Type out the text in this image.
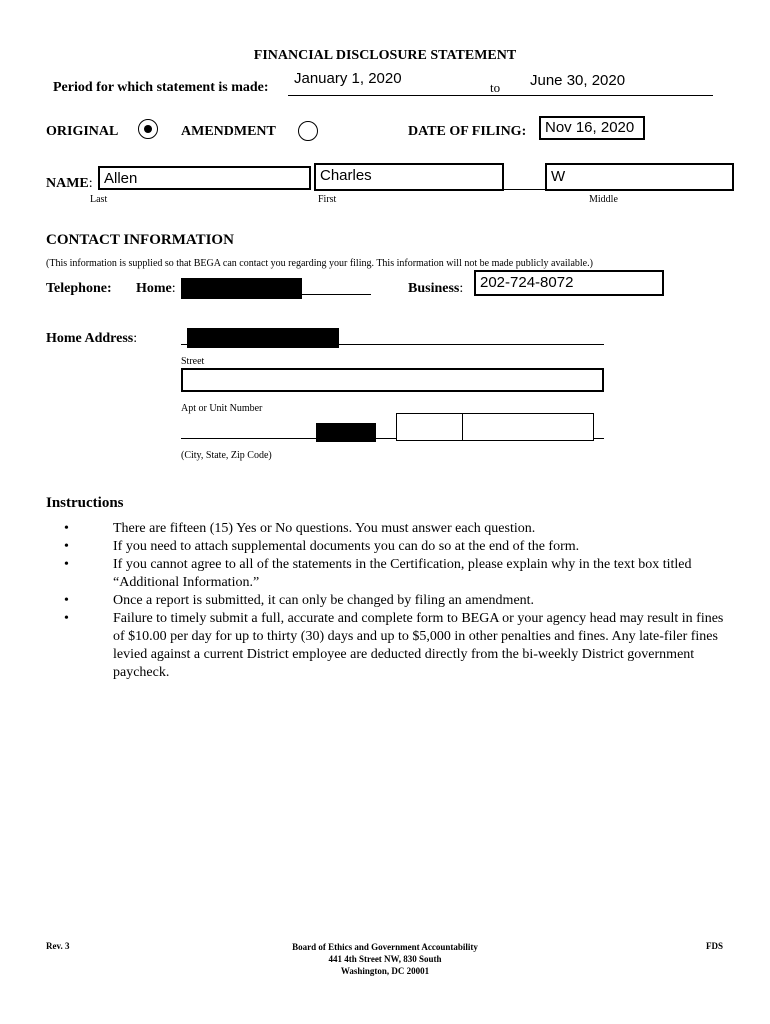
FINANCIAL DISCLOSURE STATEMENT
Period for which statement is made:
January 1, 2020
to June 30, 2020
ORIGINAL	AMENDMENT	DATE OF FILING:	Nov 16, 2020
NAME: Allen	Charles	W
Last	First	Middle
CONTACT INFORMATION
(This information is supplied so that BEGA can contact you regarding your filing. This information will not be made publicly available.)
Telephone: Home:	Business:	202-724-8072
Home Address:
Street
Apt or Unit Number
(City, State, Zip Code)
Instructions
•	There are fifteen (15) Yes or No questions. You must answer each question.
•	If you need to attach supplemental documents you can do so at the end of the form.
•	If you cannot agree to all of the statements in the Certification, please explain why in the text box titled “Additional Information.”
•	Once a report is submitted, it can only be changed by filing an amendment.
•	Failure to timely submit a full, accurate and complete form to BEGA or your agency head may result in fines of $10.00 per day for up to thirty (30) days and up to $5,000 in other penalties and fines. Any late-filer fines levied against a current District employee are deducted directly from the bi-weekly District government paycheck.
Rev. 3	Board of Ethics and Government Accountability
441 4th Street NW, 830 South
Washington, DC 20001
FDS
